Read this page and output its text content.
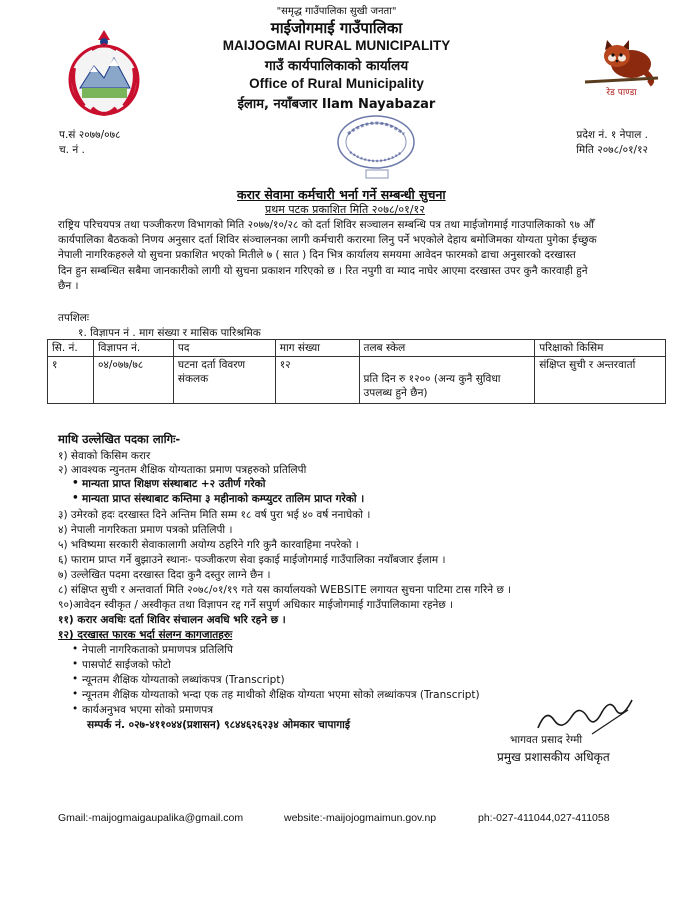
रेड पाण्डा
"समृद्ध गाउँपालिका सुखी जनता"
माईजोगमाई गाउँपालिका
MAIJOGMAI RURAL MUNICIPALITY
गाउँ कार्यपालिकाको कार्यालय
Office of Rural Municipality
ईलाम, नयाँबजार Ilam Nayabazar
प.सं २०७७/०७८
च. नं .
प्रदेश नं. १ नेपाल .
मिति २०७८/०१/१२
करार सेवामा कर्मचारी भर्ना गर्ने सम्बन्धी सुचना
प्रथम पटक प्रकाशित मिति २०७८/०१/१२
राष्ट्रिय परिचयपत्र तथा पञ्जीकरण विभागको मिति २०७७/१०/२८ को दर्ता शिविर सञ्चालन सम्बन्धि पत्र तथा माईजोगमाई गाउपालिकाको ९७ औँ
कार्यपालिका बैठकको निणय अनुसार दर्ता शिविर संञ्चालनका लागी कर्मचारी करारमा लिनु पर्ने भएकोले देहाय बमोजिमका योग्यता पुगेका ईच्छुक
नेपाली नागरिकहरुले यो सुचना प्रकाशित भएको मितीले ७ ( सात ) दिन भित्र कार्यालय समयमा आवेदन फारमको ढाचा अनुसारको दरखास्त
दिन हुन सम्बन्धित सबैमा जानकारीको लागी यो सुचना प्रकाशन गरिएको छ । रित नपुगी वा म्याद नाघेर आएमा दरखास्त उपर कुनै कारवाही हुने
छैन ।
तपशिलः
१. विज्ञापन नं . माग संख्या र मासिक पारिश्रमिक
सि. नं.	विज्ञापन नं.	पद	माग संख्या	तलब स्केल	परिक्षाको किसिम
१	०४/०७७/७८	घटना दर्ता विवरण संकलक	१२	प्रति दिन रु १२०० (अन्य कुनै सुविधा उपलब्ध हुने छैन)	संक्षिप्त सुची र अन्तरवार्ता
माथि उल्लेखित पदका लागिः-
१) सेवाको किसिम करार
२) आवश्यक न्युनतम शैक्षिक योग्यताका प्रमाण पत्रहरुको प्रतिलिपी
• मान्यता प्राप्त शिक्षण संस्थाबाट +२ उतीर्ण गरेको
• मान्यता प्राप्त संस्थाबाट कम्तिमा ३ महीनाको कम्प्युटर तालिम प्राप्त गरेको ।
३) उमेरको हदः दरखास्त दिने अन्तिम मिति सम्म १८ वर्ष पुरा भई ४० वर्ष ननाघेको ।
४) नेपाली नागरिकता प्रमाण पत्रको प्रतिलिपी ।
५) भविष्यमा सरकारी सेवाकालागी अयोग्य ठहरिने गरि कुनै कारवाहिमा नपरेको ।
६) फाराम प्राप्त गर्ने बुझाउने स्थानः- पञ्जीकरण सेवा इकाई माईजोगमाई गाउँपालिका नयाँबजार ईलाम ।
७) उल्लेखित पदमा दरखास्त दिदा कुनै दस्तुर लाग्ने छैन ।
८) संक्षिप्त सुची र अन्तवार्ता मिति २०७८/०१/१९ गते यस कार्यालयको WEBSITE लगायत सुचना पाटिमा टास गरिने छ ।
९०)आवेदन स्वीकृत / अस्वीकृत तथा विज्ञापन रद्द गर्ने सपुर्ण अधिकार माईजोगमाई गाउँपालिकामा रहनेछ ।
११) करार अवधिः दर्ता शिविर संचालन अवधि भरि रहने छ ।
१२) दरखास्त फारक भर्दा संलग्न कागजातहरुः
• नेपाली नागरिकताको प्रमाणपत्र प्रतिलिपि
• पासपोर्ट साईजको फोटो
• न्यूनतम शैक्षिक योग्यताको लब्धांकपत्र (Transcript)
• न्यूनतम शैक्षिक योग्यताको भन्दा एक तह माथीको शैक्षिक योग्यता भएमा सोको लब्धांकपत्र (Transcript)
• कार्यअनुभव भएमा सोको प्रमाणपत्र
सम्पर्क नं. ०२७-४११०४४(प्रशासन) ९८४४६२६२३४ ओमकार चापागाई
भागवत प्रसाद रेग्मी
प्रमुख प्रशासकीय अधिकृत
Gmail:-maijogmaigaupalika@gmail.com	website:-maijojogmaimun.gov.np	ph:-027-411044,027-411058
